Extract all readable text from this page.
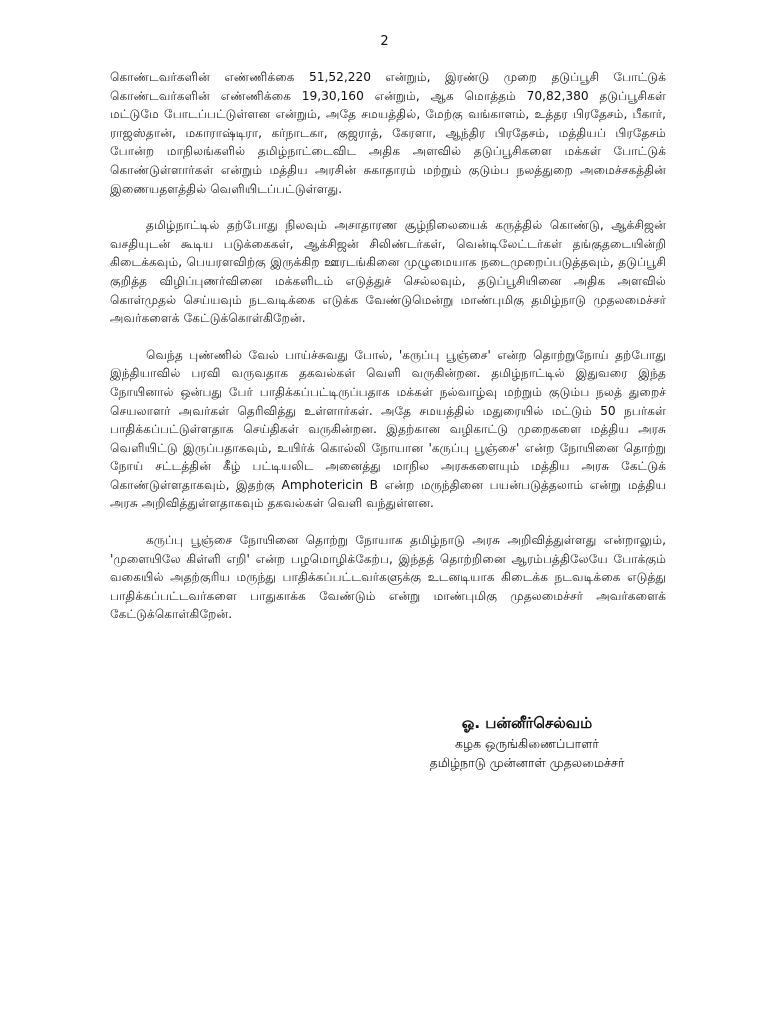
2

கொண்டவர்களின் எண்ணிக்கை 51,52,220 என்றும், இரண்டு முறை தடுப்பூசி போட்டுக் கொண்டவர்களின் எண்ணிக்கை 19,30,160 என்றும், ஆக மொத்தம் 70,82,380 தடுப்பூசிகள் மட்டுமே போடப்பட்டுள்ளன என்றும், அதே சமயத்தில், மேற்கு வங்காளம், உத்தர பிரதேசம், பீகார், ராஜஸ்தான், மகாராஷ்டிரா, கர்நாடகா, குஜராத், கேரளா, ஆந்திர பிரதேசம், மத்தியப் பிரதேசம் போன்ற மாநிலங்களில் தமிழ்நாட்டைவிட அதிக அளவில் தடுப்பூசிகளை மக்கள் போட்டுக் கொண்டுள்ளார்கள் என்றும் மத்திய அரசின் சுகாதாரம் மற்றும் குடும்ப நலத்துறை அமைச்சகத்தின் இணையதளத்தில் வெளியிடப்பட்டுள்ளது.

தமிழ்நாட்டில் தற்போது நிலவும் அசாதாரண சூழ்நிலையைக் கருத்தில் கொண்டு, ஆக்சிஜன் வசதியுடன் கூடிய படுக்கைகள், ஆக்சிஜன் சிலிண்டர்கள், வென்டிலேட்டர்கள் தங்குதடையின்றி கிடைக்கவும், பெயரளவிற்கு இருக்கிற ஊரடங்கினை முழுமையாக நடைமுறைப்படுத்தவும், தடுப்பூசி குறித்த விழிப்புணர்வினை மக்களிடம் எடுத்துச் செல்லவும், தடுப்பூசியினை அதிக அளவில் கொள்முதல் செய்யவும் நடவடிக்கை எடுக்க வேண்டுமென்று மாண்புமிகு தமிழ்நாடு முதலமைச்சர் அவர்களைக் கேட்டுக்கொள்கிறேன்.

வெந்த புண்ணில் வேல் பாய்ச்சுவது போல், 'கருப்பு பூஞ்சை' என்ற தொற்றுநோய் தற்போது இந்தியாவில் பரவி வருவதாக தகவல்கள் வெளி வருகின்றன. தமிழ்நாட்டில் இதுவரை இந்த நோயினால் ஒன்பது பேர் பாதிக்கப்பட்டிருப்பதாக மக்கள் நல்வாழ்வு மற்றும் குடும்ப நலத் துறைச் செயலாளர் அவர்கள் தெரிவித்து உள்ளார்கள். அதே சமயத்தில் மதுரையில் மட்டும் 50 நபர்கள் பாதிக்கப்பட்டுள்ளதாக செய்திகள் வருகின்றன. இதற்கான வழிகாட்டு முறைகளை மத்திய அரசு வெளியிட்டு இருப்பதாகவும், உயிர்க் கொல்லி நோயான 'கருப்பு பூஞ்சை' என்ற நோயினை தொற்று நோய் சட்டத்தின் கீழ் பட்டியலிட அனைத்து மாநில அரசுகளையும் மத்திய அரசு கேட்டுக் கொண்டுள்ளதாகவும், இதற்கு Amphotericin B என்ற மருந்தினை பயன்படுத்தலாம் என்று மத்திய அரசு அறிவித்துள்ளதாகவும் தகவல்கள் வெளி வந்துள்ளன.

கருப்பு பூஞ்சை நோயினை தொற்று நோயாக தமிழ்நாடு அரசு அறிவித்துள்ளது என்றாலும், 'முளையிலே கிள்ளி எறி' என்ற பழமொழிக்கேற்ப, இந்தத் தொற்றினை ஆரம்பத்திலேயே போக்கும் வகையில் அதற்குரிய மருந்து பாதிக்கப்பட்டவர்களுக்கு உடனடியாக கிடைக்க நடவடிக்கை எடுத்து பாதிக்கப்பட்டவர்களை பாதுகாக்க வேண்டும் என்று மாண்புமிகு முதலமைச்சர் அவர்களைக் கேட்டுக்கொள்கிறேன்.

ஓ. பன்னீர்செல்வம்
கழக ஒருங்கிணைப்பாளர்
தமிழ்நாடு முன்னாள் முதலமைச்சர்
